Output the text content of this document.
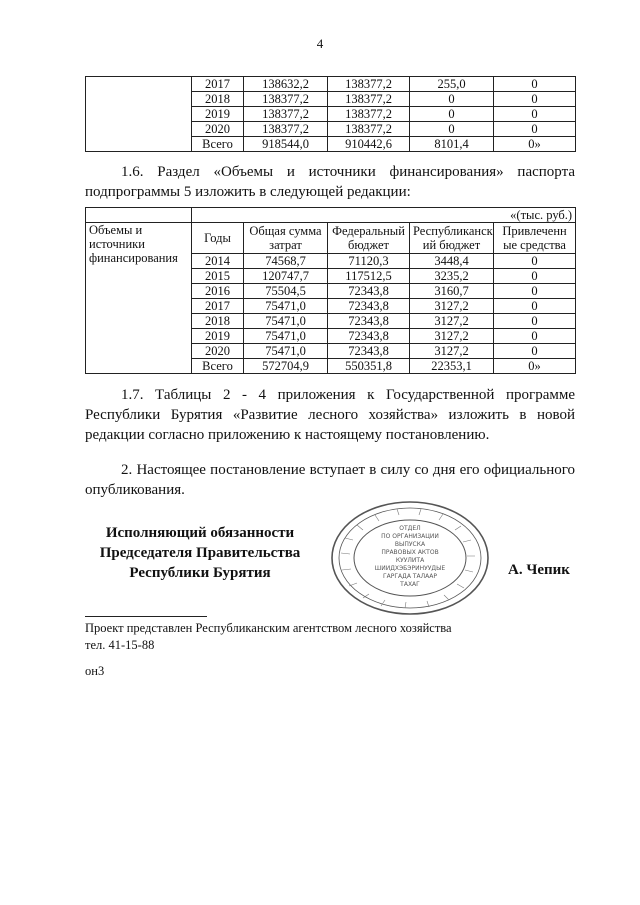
4
	2017	138632,2	138377,2	255,0	0
	2018	138377,2	138377,2	0	0
	2019	138377,2	138377,2	0	0
	2020	138377,2	138377,2	0	0
	Всего	918544,0	910442,6	8101,4	0»
1.6. Раздел «Объемы и источники финансирования» паспорта подпрограммы 5 изложить в следующей редакции:
	«(тыс. руб.)				
Объемы и источники финансирования	Годы	Общая сумма затрат	Федеральный бюджет	Республиканск ий бюджет	Привлеченн ые средства
	2014	74568,7	71120,3	3448,4	0
	2015	120747,7	117512,5	3235,2	0
	2016	75504,5	72343,8	3160,7	0
	2017	75471,0	72343,8	3127,2	0
	2018	75471,0	72343,8	3127,2	0
	2019	75471,0	72343,8	3127,2	0
	2020	75471,0	72343,8	3127,2	0
	Всего	572704,9	550351,8	22353,1	0»
1.7. Таблицы 2 - 4 приложения к Государственной программе Республики Бурятия «Развитие лесного хозяйства» изложить в новой редакции согласно приложению к настоящему постановлению.
2. Настоящее постановление вступает в силу со дня его официального опубликования.
Исполняющий обязанности
Председателя Правительства
Республики Бурятия
ОТДЕЛ
ПО ОРГАНИЗАЦИИ
ВЫПУСКА
ПРАВОВЫХ АКТОВ
КУУЛИТА
ШИИДХЭБЭРИНУУДЫЕ
ГАРГАДА ТАЛААР
ТАХАГ
А. Чепик
Проект представлен Республиканским агентством лесного хозяйства
тел. 41-15-88
он3
